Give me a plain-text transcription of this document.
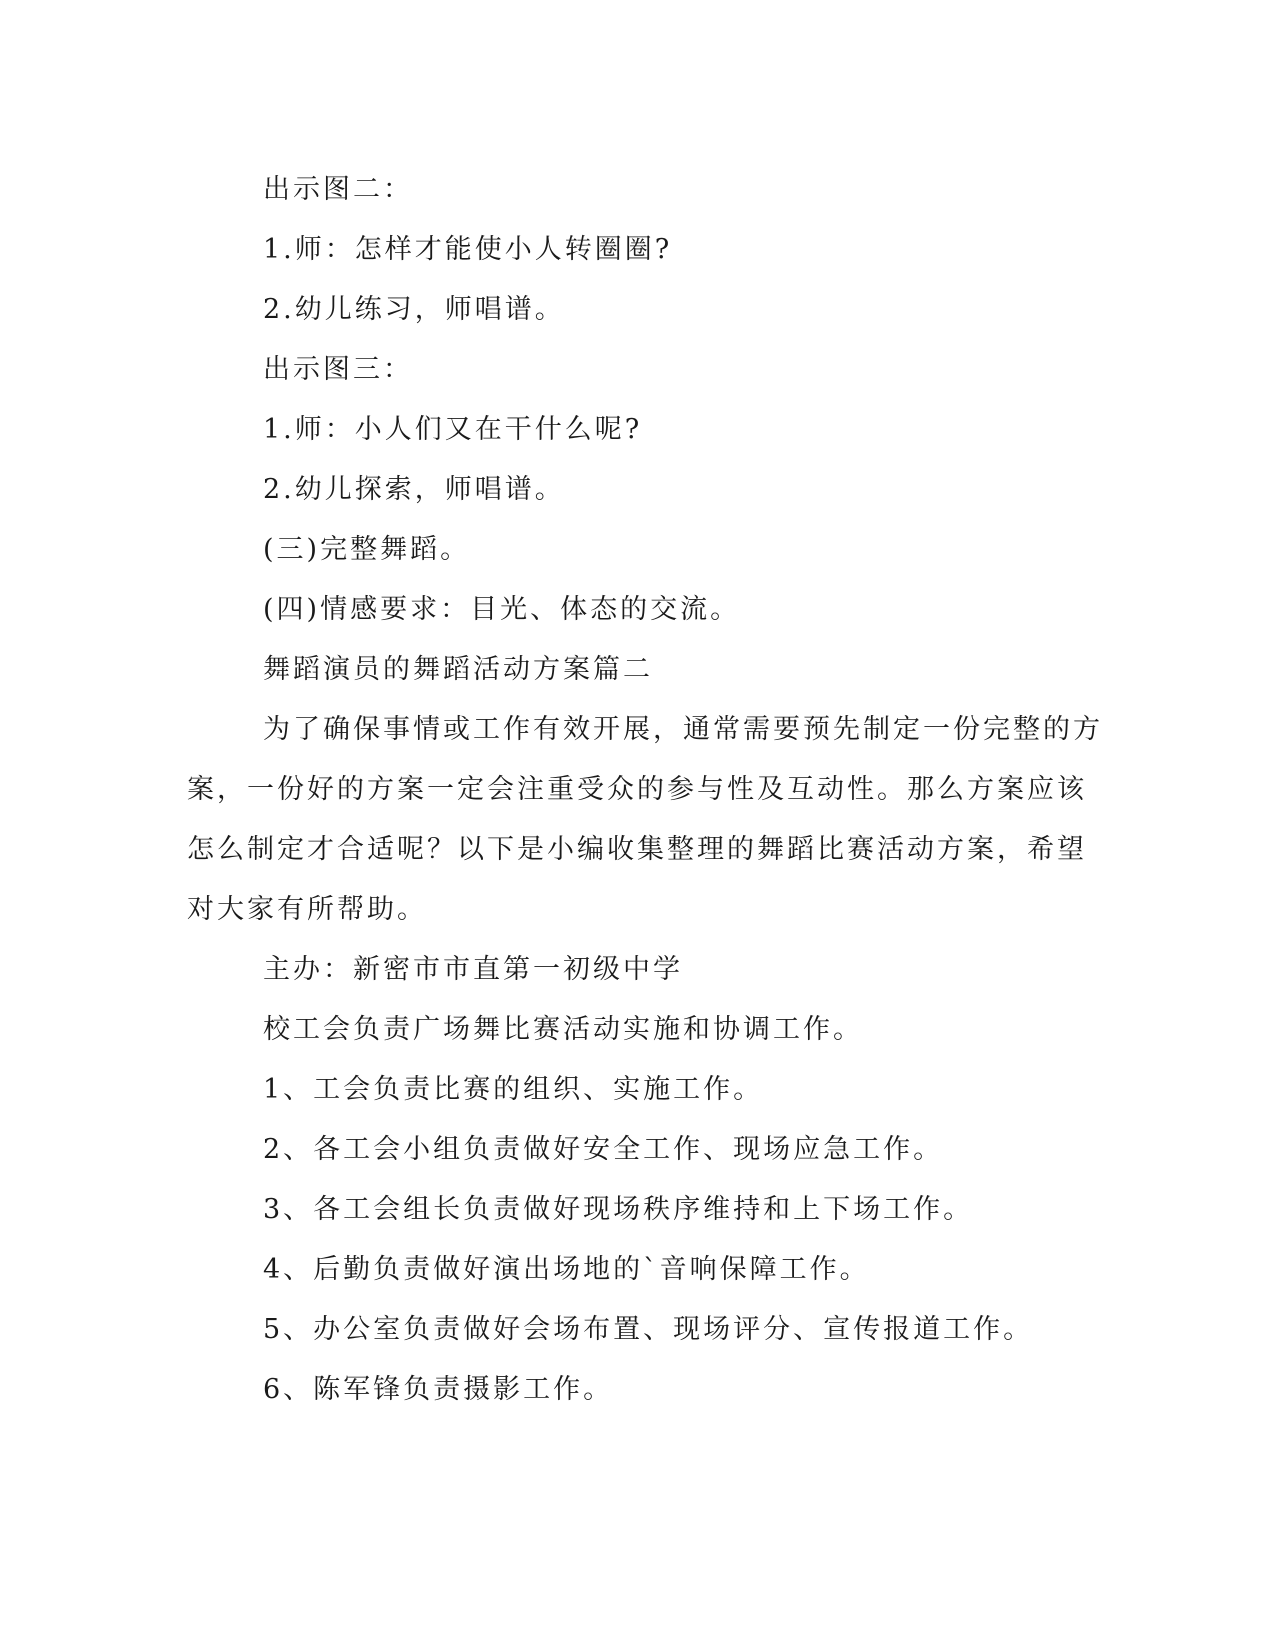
出示图二：
1.师：怎样才能使小人转圈圈?
2.幼儿练习，师唱谱。
出示图三：
1.师：小人们又在干什么呢?
2.幼儿探索，师唱谱。
(三)完整舞蹈。
(四)情感要求：目光、体态的交流。
舞蹈演员的舞蹈活动方案篇二
为了确保事情或工作有效开展，通常需要预先制定一份完整的方
案，一份好的方案一定会注重受众的参与性及互动性。那么方案应该
怎么制定才合适呢？以下是小编收集整理的舞蹈比赛活动方案，希望
对大家有所帮助。
主办：新密市市直第一初级中学
校工会负责广场舞比赛活动实施和协调工作。
1、工会负责比赛的组织、实施工作。
2、各工会小组负责做好安全工作、现场应急工作。
3、各工会组长负责做好现场秩序维持和上下场工作。
4、后勤负责做好演出场地的`音响保障工作。
5、办公室负责做好会场布置、现场评分、宣传报道工作。
6、陈军锋负责摄影工作。
